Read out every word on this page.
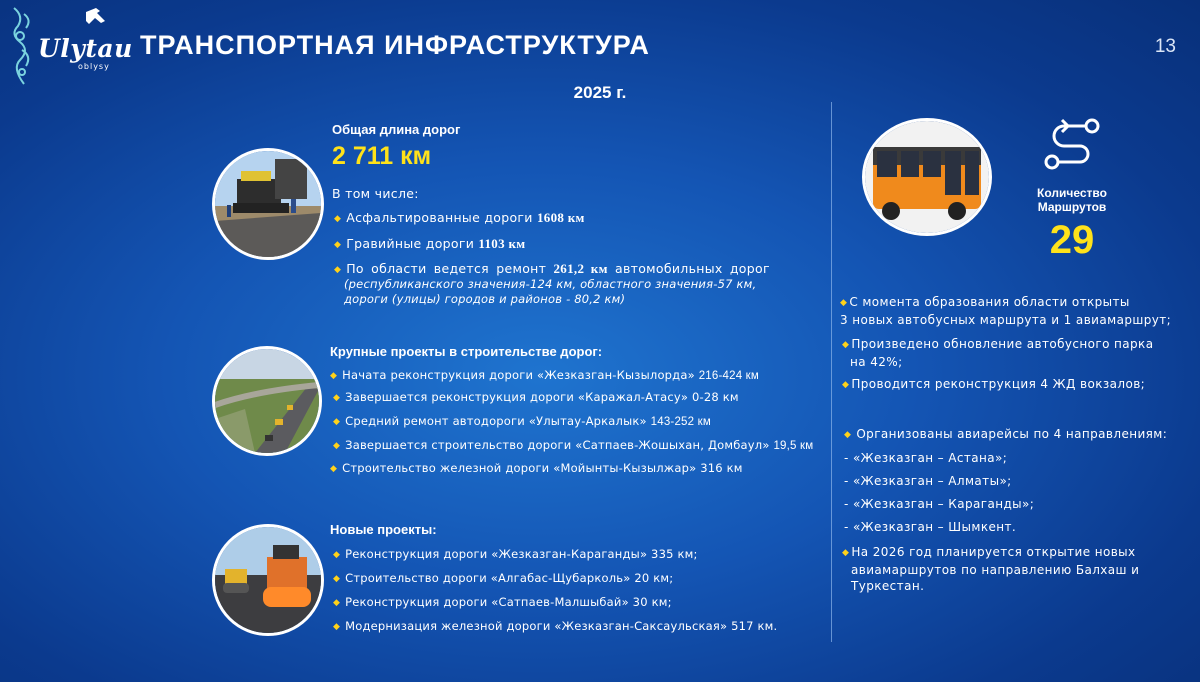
Ulytau
oblysy
ТРАНСПОРТНАЯ ИНФРАСТРУКТУРА	13
2025 г.
Общая длина дорог
2 711 км
В том числе:
◆ Асфальтированные дороги 1608 км
◆ Гравийные дороги 1103 км
◆ По области ведется ремонт 261,2 км автомобильных дорог
(республиканского значения-124 км, областного значения-57 км,
дороги (улицы) городов и районов - 80,2 км)
Крупные проекты в строительстве дорог:
◆ Начата реконструкция дороги «Жезказган-Кызылорда» 216-424 км
◆ Завершается реконструкция дороги «Каражал-Атасу» 0-28 км
◆ Средний ремонт автодороги «Улытау-Аркалык» 143-252 км
◆ Завершается строительство дороги «Сатпаев-Жошыхан, Домбаул» 19,5 км
◆ Строительство железной дороги «Мойынты-Кызылжар» 316 км
Новые проекты:
◆ Реконструкция дороги «Жезказган-Караганды» 335 км;
◆ Строительство дороги «Алгабас-Щубарколь» 20 км;
◆ Реконструкция дороги «Сатпаев-Малшыбай» 30 км;
◆ Модернизация железной дороги «Жезказган-Саксаульская» 517 км.
Количество
Маршрутов
29
◆ С момента образования области открыты
3 новых автобусных маршрута и 1 авиамаршрут;
◆ Произведено обновление автобусного парка
на 42%;
◆ Проводится реконструкция 4 ЖД вокзалов;
◆ Организованы авиарейсы по 4 направлениям:
- «Жезказган – Астана»;
- «Жезказган – Алматы»;
- «Жезказган – Караганды»;
- «Жезказган – Шымкент.
◆ На 2026 год планируется открытие новых
авиамаршрутов по направлению Балхаш и
Туркестан.
